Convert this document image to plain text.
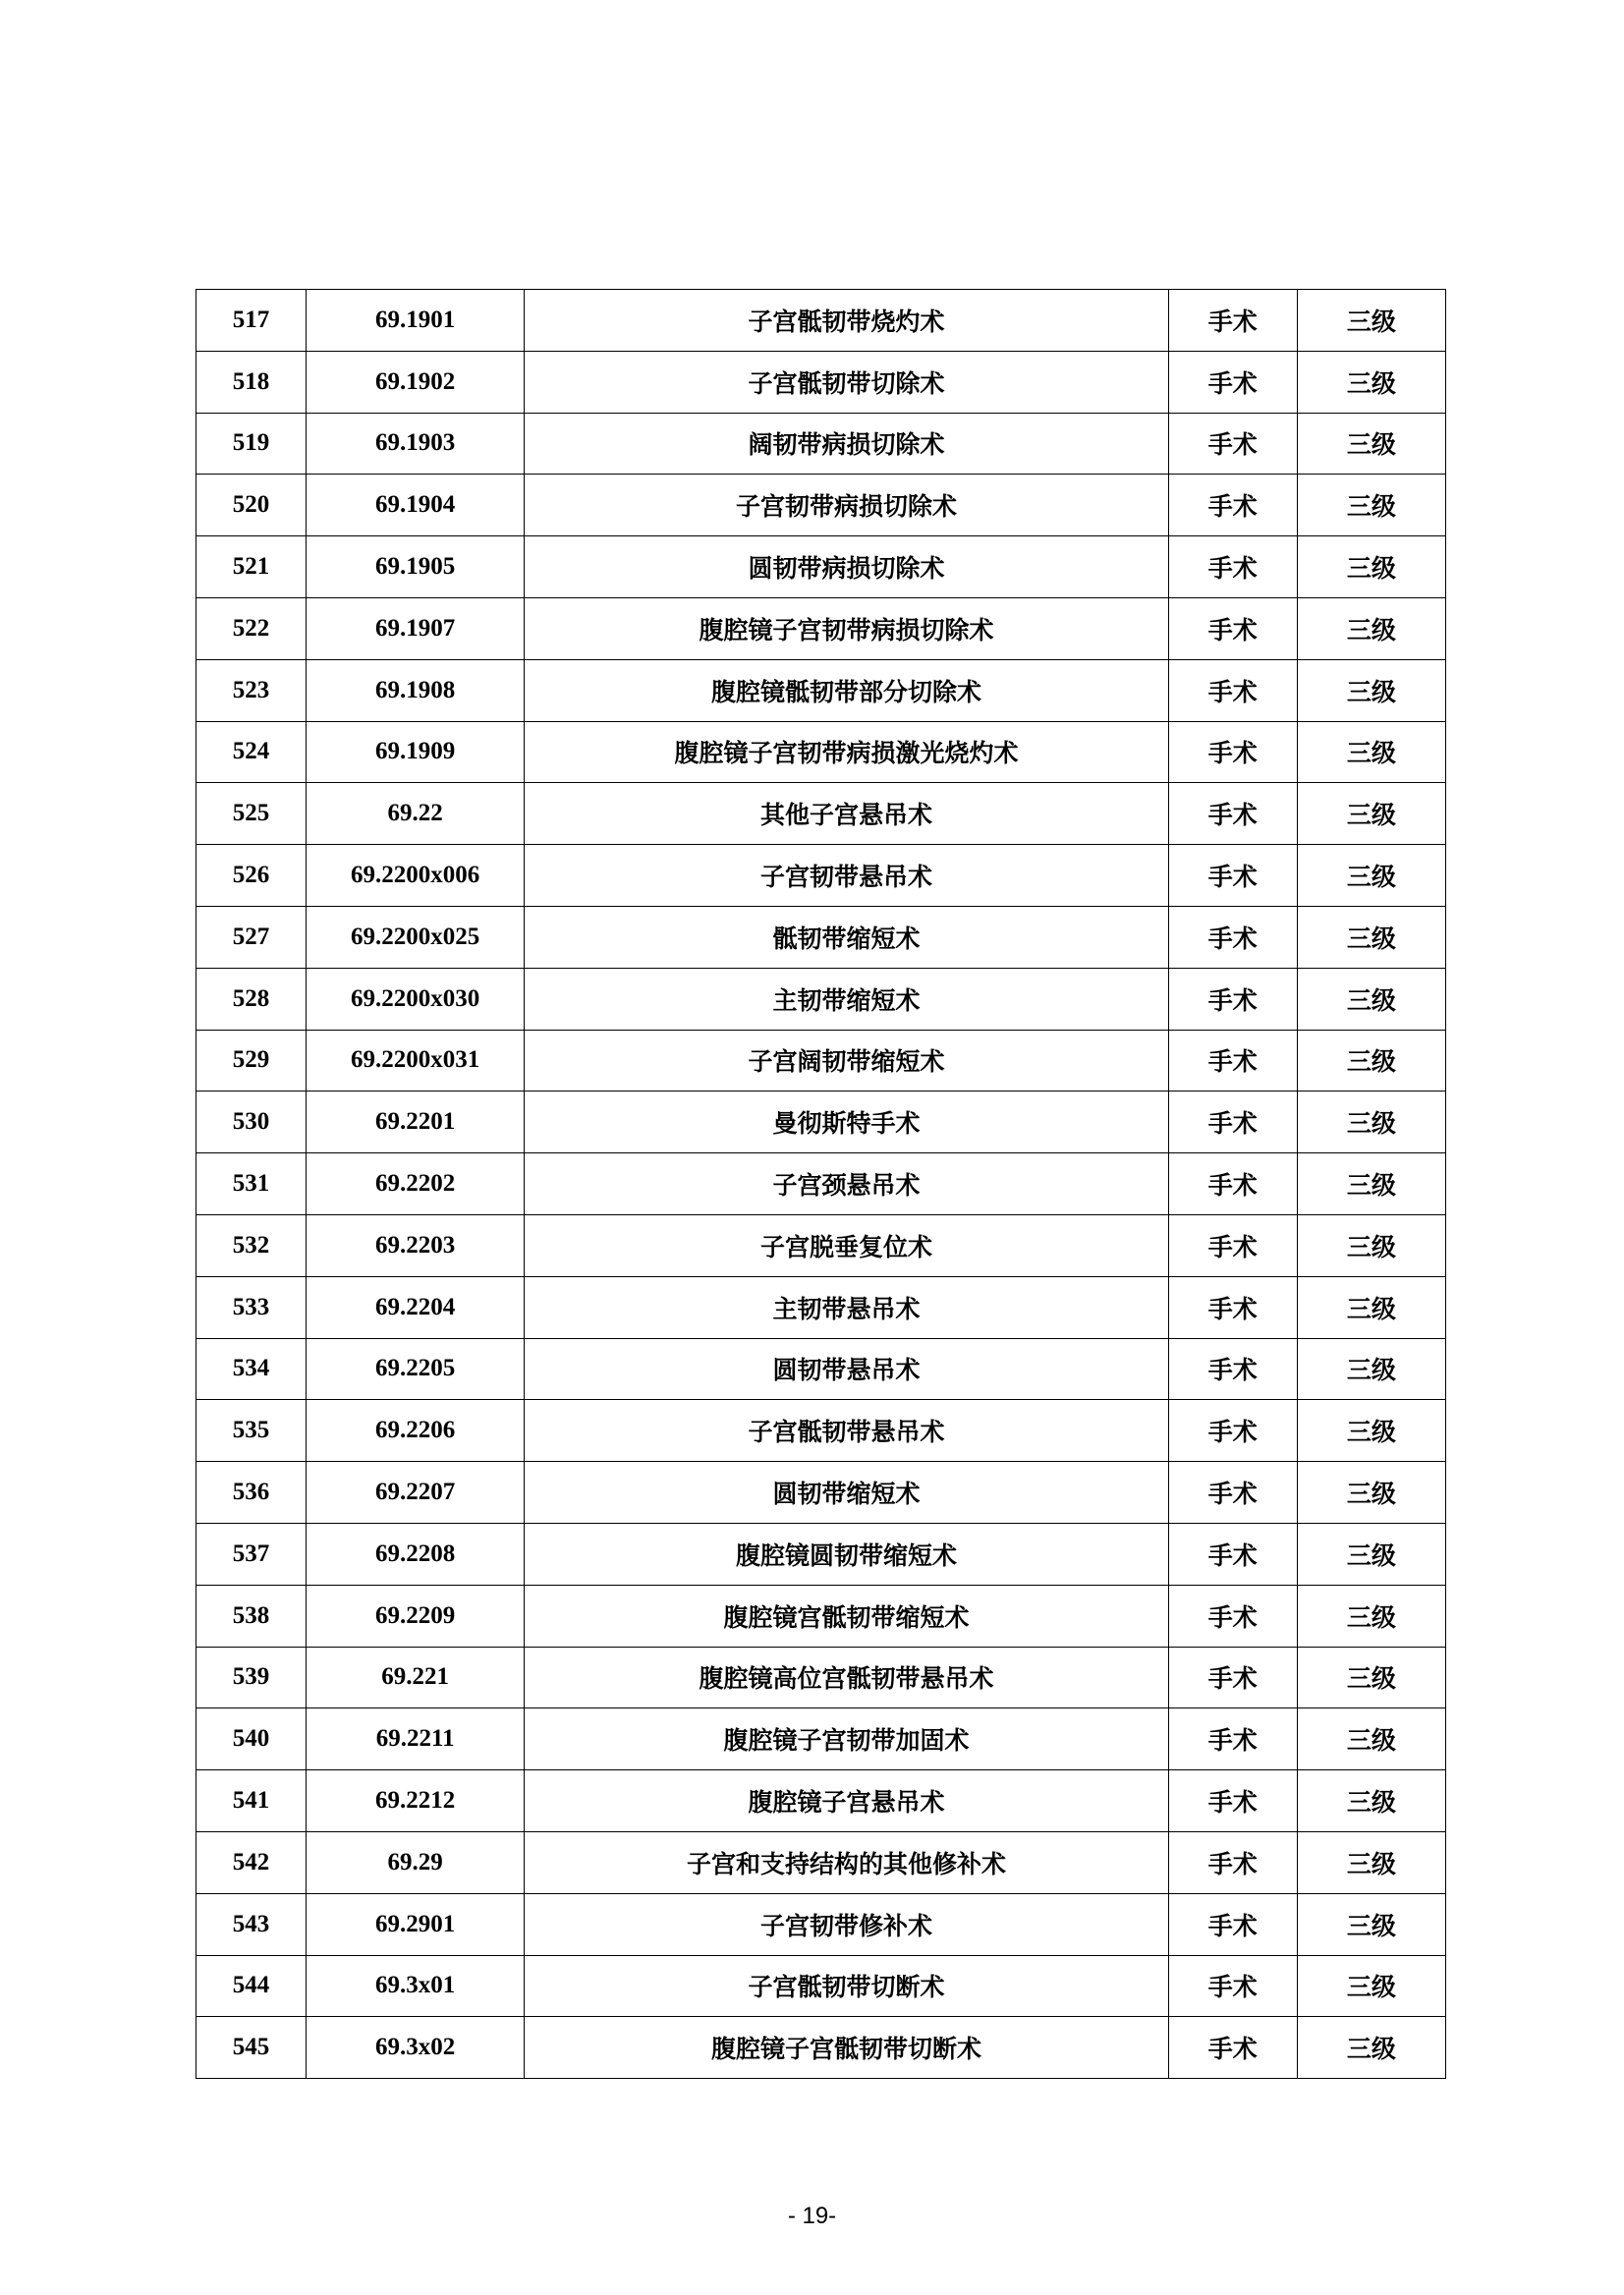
517	69.1901	子宫骶韧带烧灼术	手术	三级
518	69.1902	子宫骶韧带切除术	手术	三级
519	69.1903	阔韧带病损切除术	手术	三级
520	69.1904	子宫韧带病损切除术	手术	三级
521	69.1905	圆韧带病损切除术	手术	三级
522	69.1907	腹腔镜子宫韧带病损切除术	手术	三级
523	69.1908	腹腔镜骶韧带部分切除术	手术	三级
524	69.1909	腹腔镜子宫韧带病损激光烧灼术	手术	三级
525	69.22	其他子宫悬吊术	手术	三级
526	69.2200x006	子宫韧带悬吊术	手术	三级
527	69.2200x025	骶韧带缩短术	手术	三级
528	69.2200x030	主韧带缩短术	手术	三级
529	69.2200x031	子宫阔韧带缩短术	手术	三级
530	69.2201	曼彻斯特手术	手术	三级
531	69.2202	子宫颈悬吊术	手术	三级
532	69.2203	子宫脱垂复位术	手术	三级
533	69.2204	主韧带悬吊术	手术	三级
534	69.2205	圆韧带悬吊术	手术	三级
535	69.2206	子宫骶韧带悬吊术	手术	三级
536	69.2207	圆韧带缩短术	手术	三级
537	69.2208	腹腔镜圆韧带缩短术	手术	三级
538	69.2209	腹腔镜宫骶韧带缩短术	手术	三级
539	69.221	腹腔镜高位宫骶韧带悬吊术	手术	三级
540	69.2211	腹腔镜子宫韧带加固术	手术	三级
541	69.2212	腹腔镜子宫悬吊术	手术	三级
542	69.29	子宫和支持结构的其他修补术	手术	三级
543	69.2901	子宫韧带修补术	手术	三级
544	69.3x01	子宫骶韧带切断术	手术	三级
545	69.3x02	腹腔镜子宫骶韧带切断术	手术	三级
- 19-
